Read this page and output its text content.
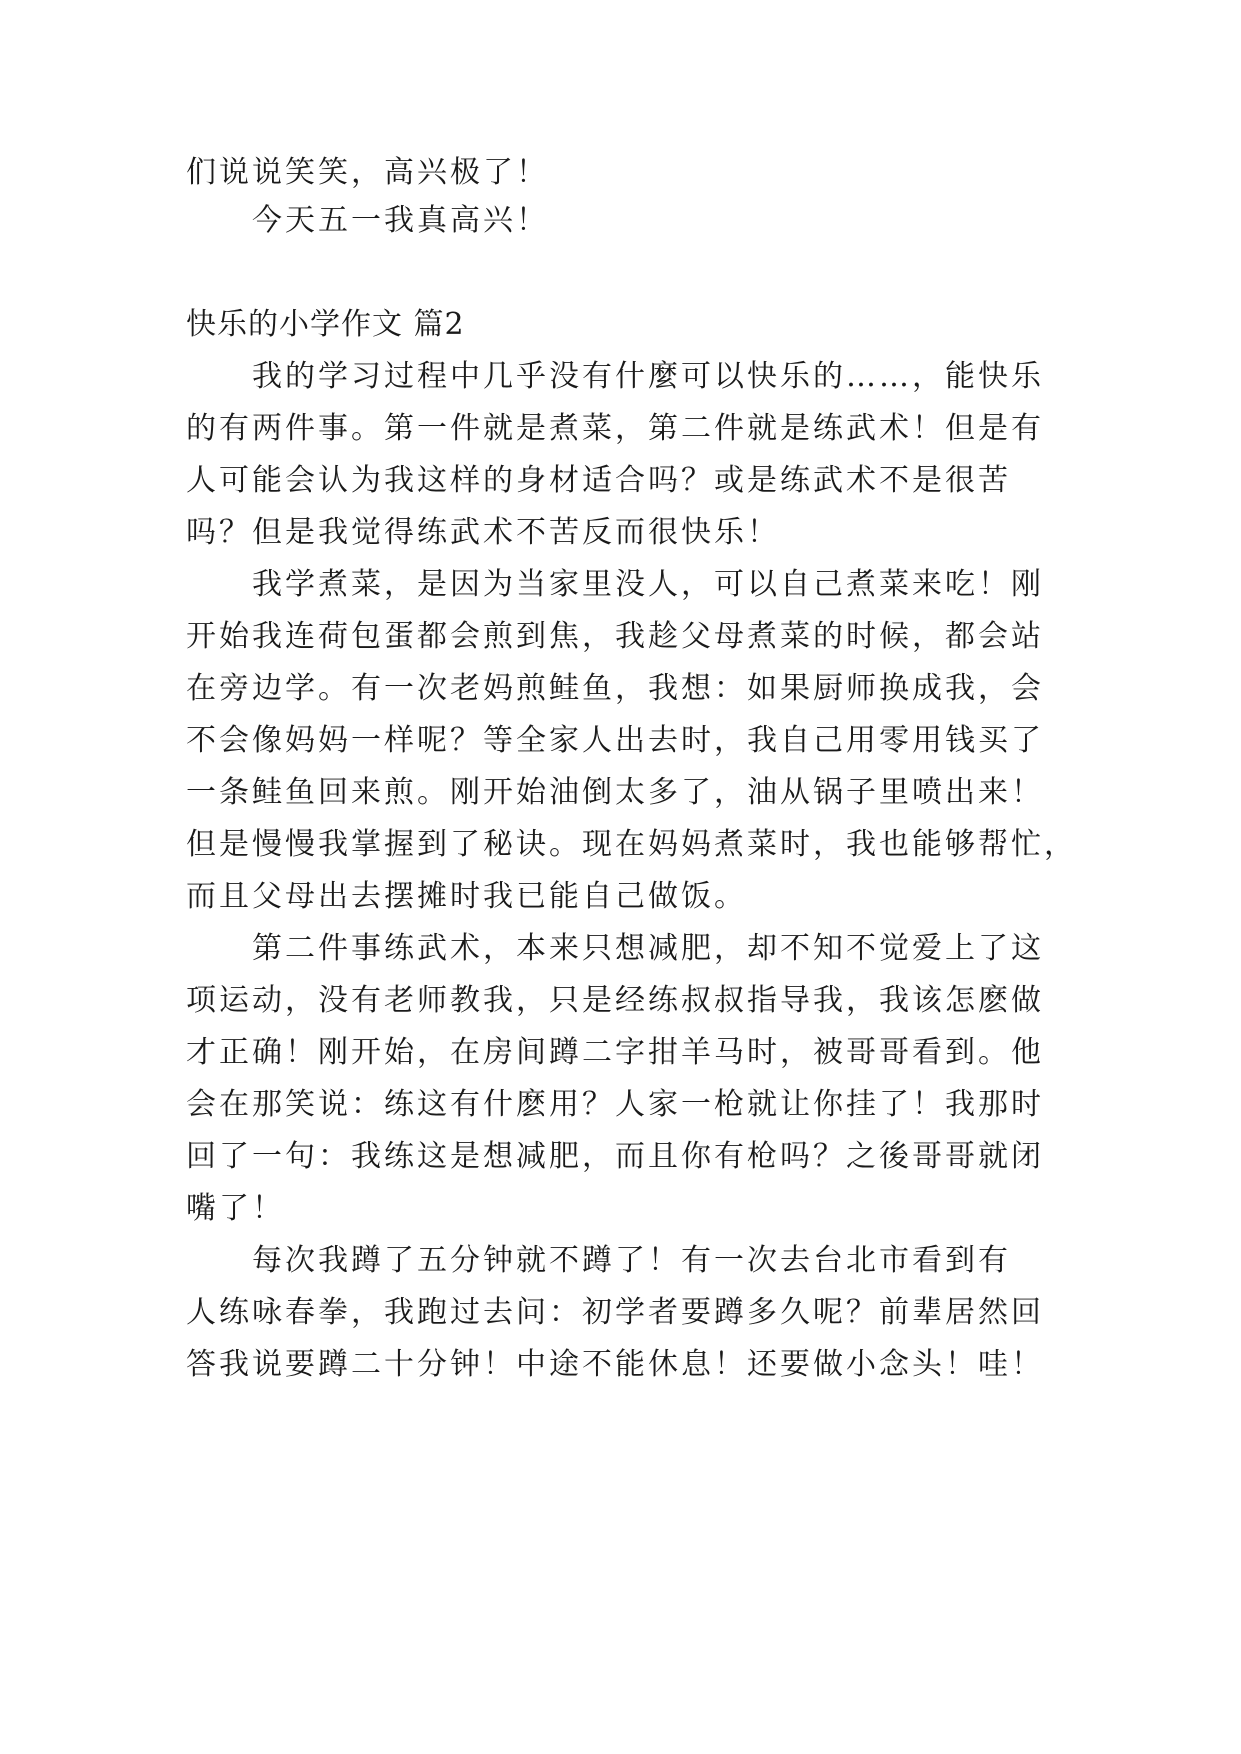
们说说笑笑，高兴极了！
今天五一我真高兴！
快乐的小学作文 篇2
我的学习过程中几乎没有什麼可以快乐的……，能快乐
的有两件事。第一件就是煮菜，第二件就是练武术！但是有
人可能会认为我这样的身材适合吗？或是练武术不是很苦
吗？但是我觉得练武术不苦反而很快乐！
我学煮菜，是因为当家里没人，可以自己煮菜来吃！刚
开始我连荷包蛋都会煎到焦，我趁父母煮菜的时候，都会站
在旁边学。有一次老妈煎鲑鱼，我想：如果厨师换成我，会
不会像妈妈一样呢？等全家人出去时，我自己用零用钱买了
一条鲑鱼回来煎。刚开始油倒太多了，油从锅子里喷出来！
但是慢慢我掌握到了秘诀。现在妈妈煮菜时，我也能够帮忙，
而且父母出去摆摊时我已能自己做饭。
第二件事练武术，本来只想减肥，却不知不觉爱上了这
项运动，没有老师教我，只是经练叔叔指导我，我该怎麽做
才正确！刚开始，在房间蹲二字拑羊马时，被哥哥看到。他
会在那笑说：练这有什麽用？人家一枪就让你挂了！我那时
回了一句：我练这是想减肥，而且你有枪吗？之後哥哥就闭
嘴了！
每次我蹲了五分钟就不蹲了！有一次去台北市看到有
人练咏春拳，我跑过去问：初学者要蹲多久呢？前辈居然回
答我说要蹲二十分钟！中途不能休息！还要做小念头！哇！
